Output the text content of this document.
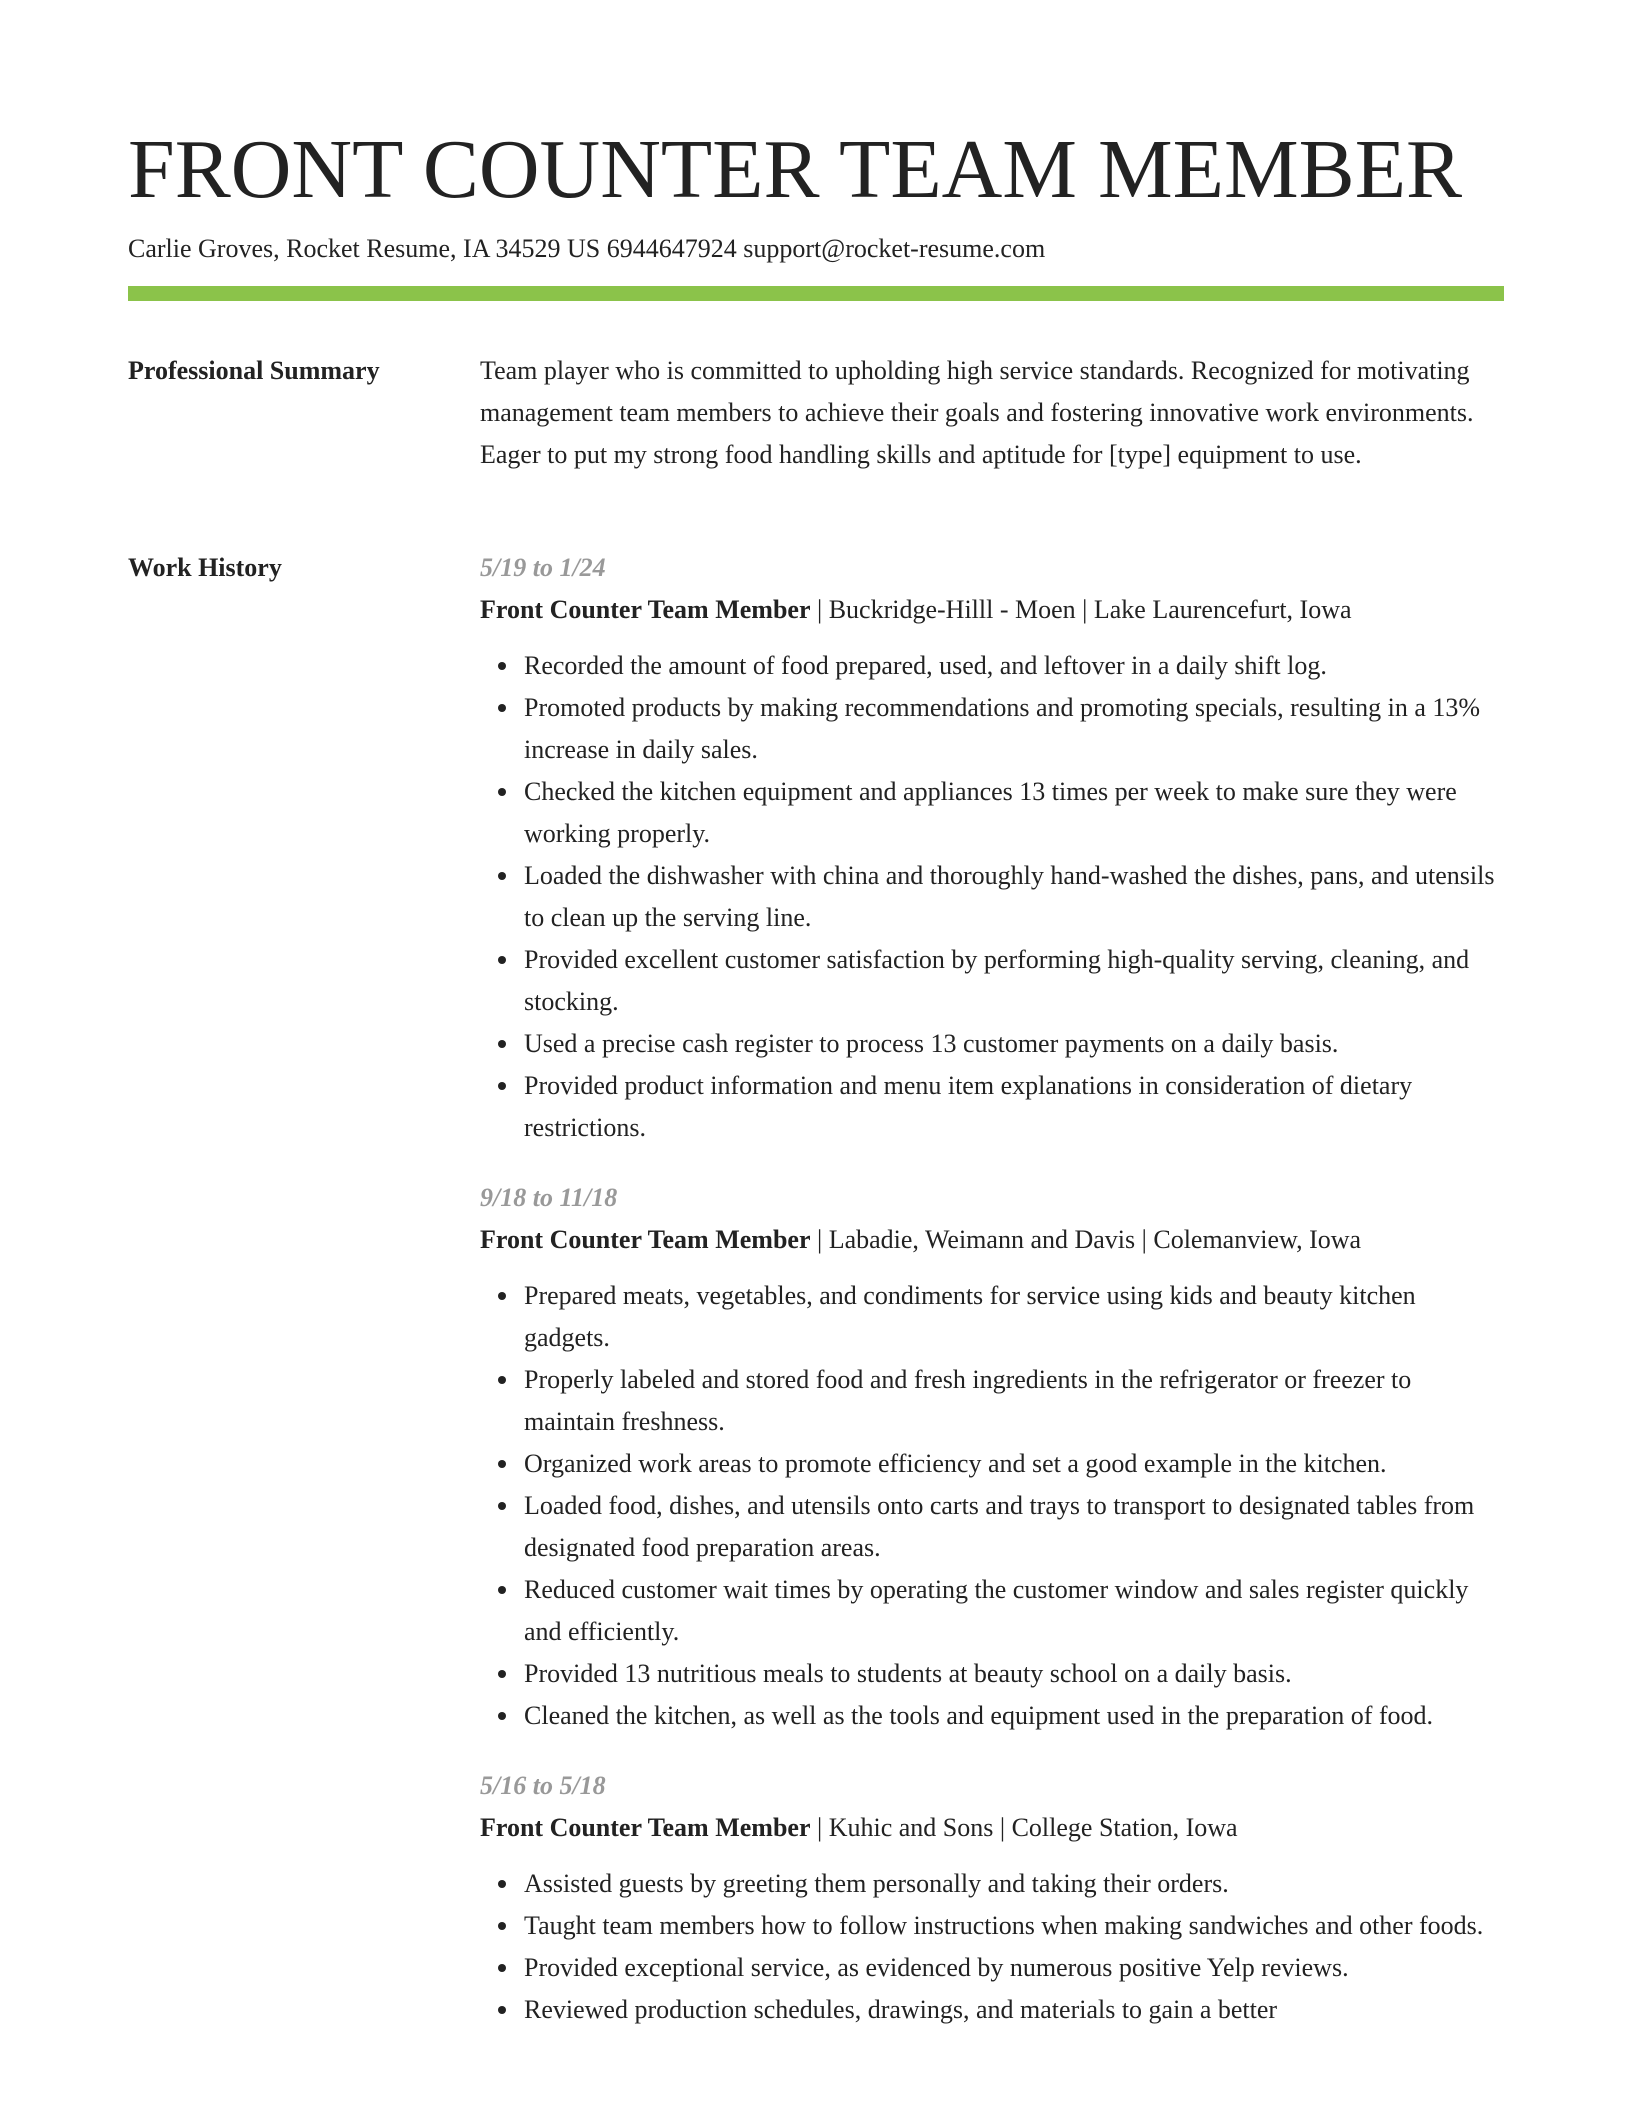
FRONT COUNTER TEAM MEMBER
Carlie Groves, Rocket Resume, IA 34529 US 6944647924 support@rocket-resume.com
Professional Summary	Team player who is committed to upholding high service standards. Recognized for motivating management team members to achieve their goals and fostering innovative work environments. Eager to put my strong food handling skills and aptitude for [type] equipment to use.

Work History	5/19 to 1/24
Front Counter Team Member | Buckridge-Hilll - Moen | Lake Laurencefurt, Iowa
Recorded the amount of food prepared, used, and leftover in a daily shift log.
Promoted products by making recommendations and promoting specials, resulting in a 13% increase in daily sales.
Checked the kitchen equipment and appliances 13 times per week to make sure they were working properly.
Loaded the dishwasher with china and thoroughly hand-washed the dishes, pans, and utensils to clean up the serving line.
Provided excellent customer satisfaction by performing high-quality serving, cleaning, and stocking.
Used a precise cash register to process 13 customer payments on a daily basis.
Provided product information and menu item explanations in consideration of dietary restrictions.
9/18 to 11/18
Front Counter Team Member | Labadie, Weimann and Davis | Colemanview, Iowa
Prepared meats, vegetables, and condiments for service using kids and beauty kitchen gadgets.
Properly labeled and stored food and fresh ingredients in the refrigerator or freezer to maintain freshness.
Organized work areas to promote efficiency and set a good example in the kitchen.
Loaded food, dishes, and utensils onto carts and trays to transport to designated tables from designated food preparation areas.
Reduced customer wait times by operating the customer window and sales register quickly and efficiently.
Provided 13 nutritious meals to students at beauty school on a daily basis.
Cleaned the kitchen, as well as the tools and equipment used in the preparation of food.
5/16 to 5/18
Front Counter Team Member | Kuhic and Sons | College Station, Iowa
Assisted guests by greeting them personally and taking their orders.
Taught team members how to follow instructions when making sandwiches and other foods.
Provided exceptional service, as evidenced by numerous positive Yelp reviews.
Reviewed production schedules, drawings, and materials to gain a better
